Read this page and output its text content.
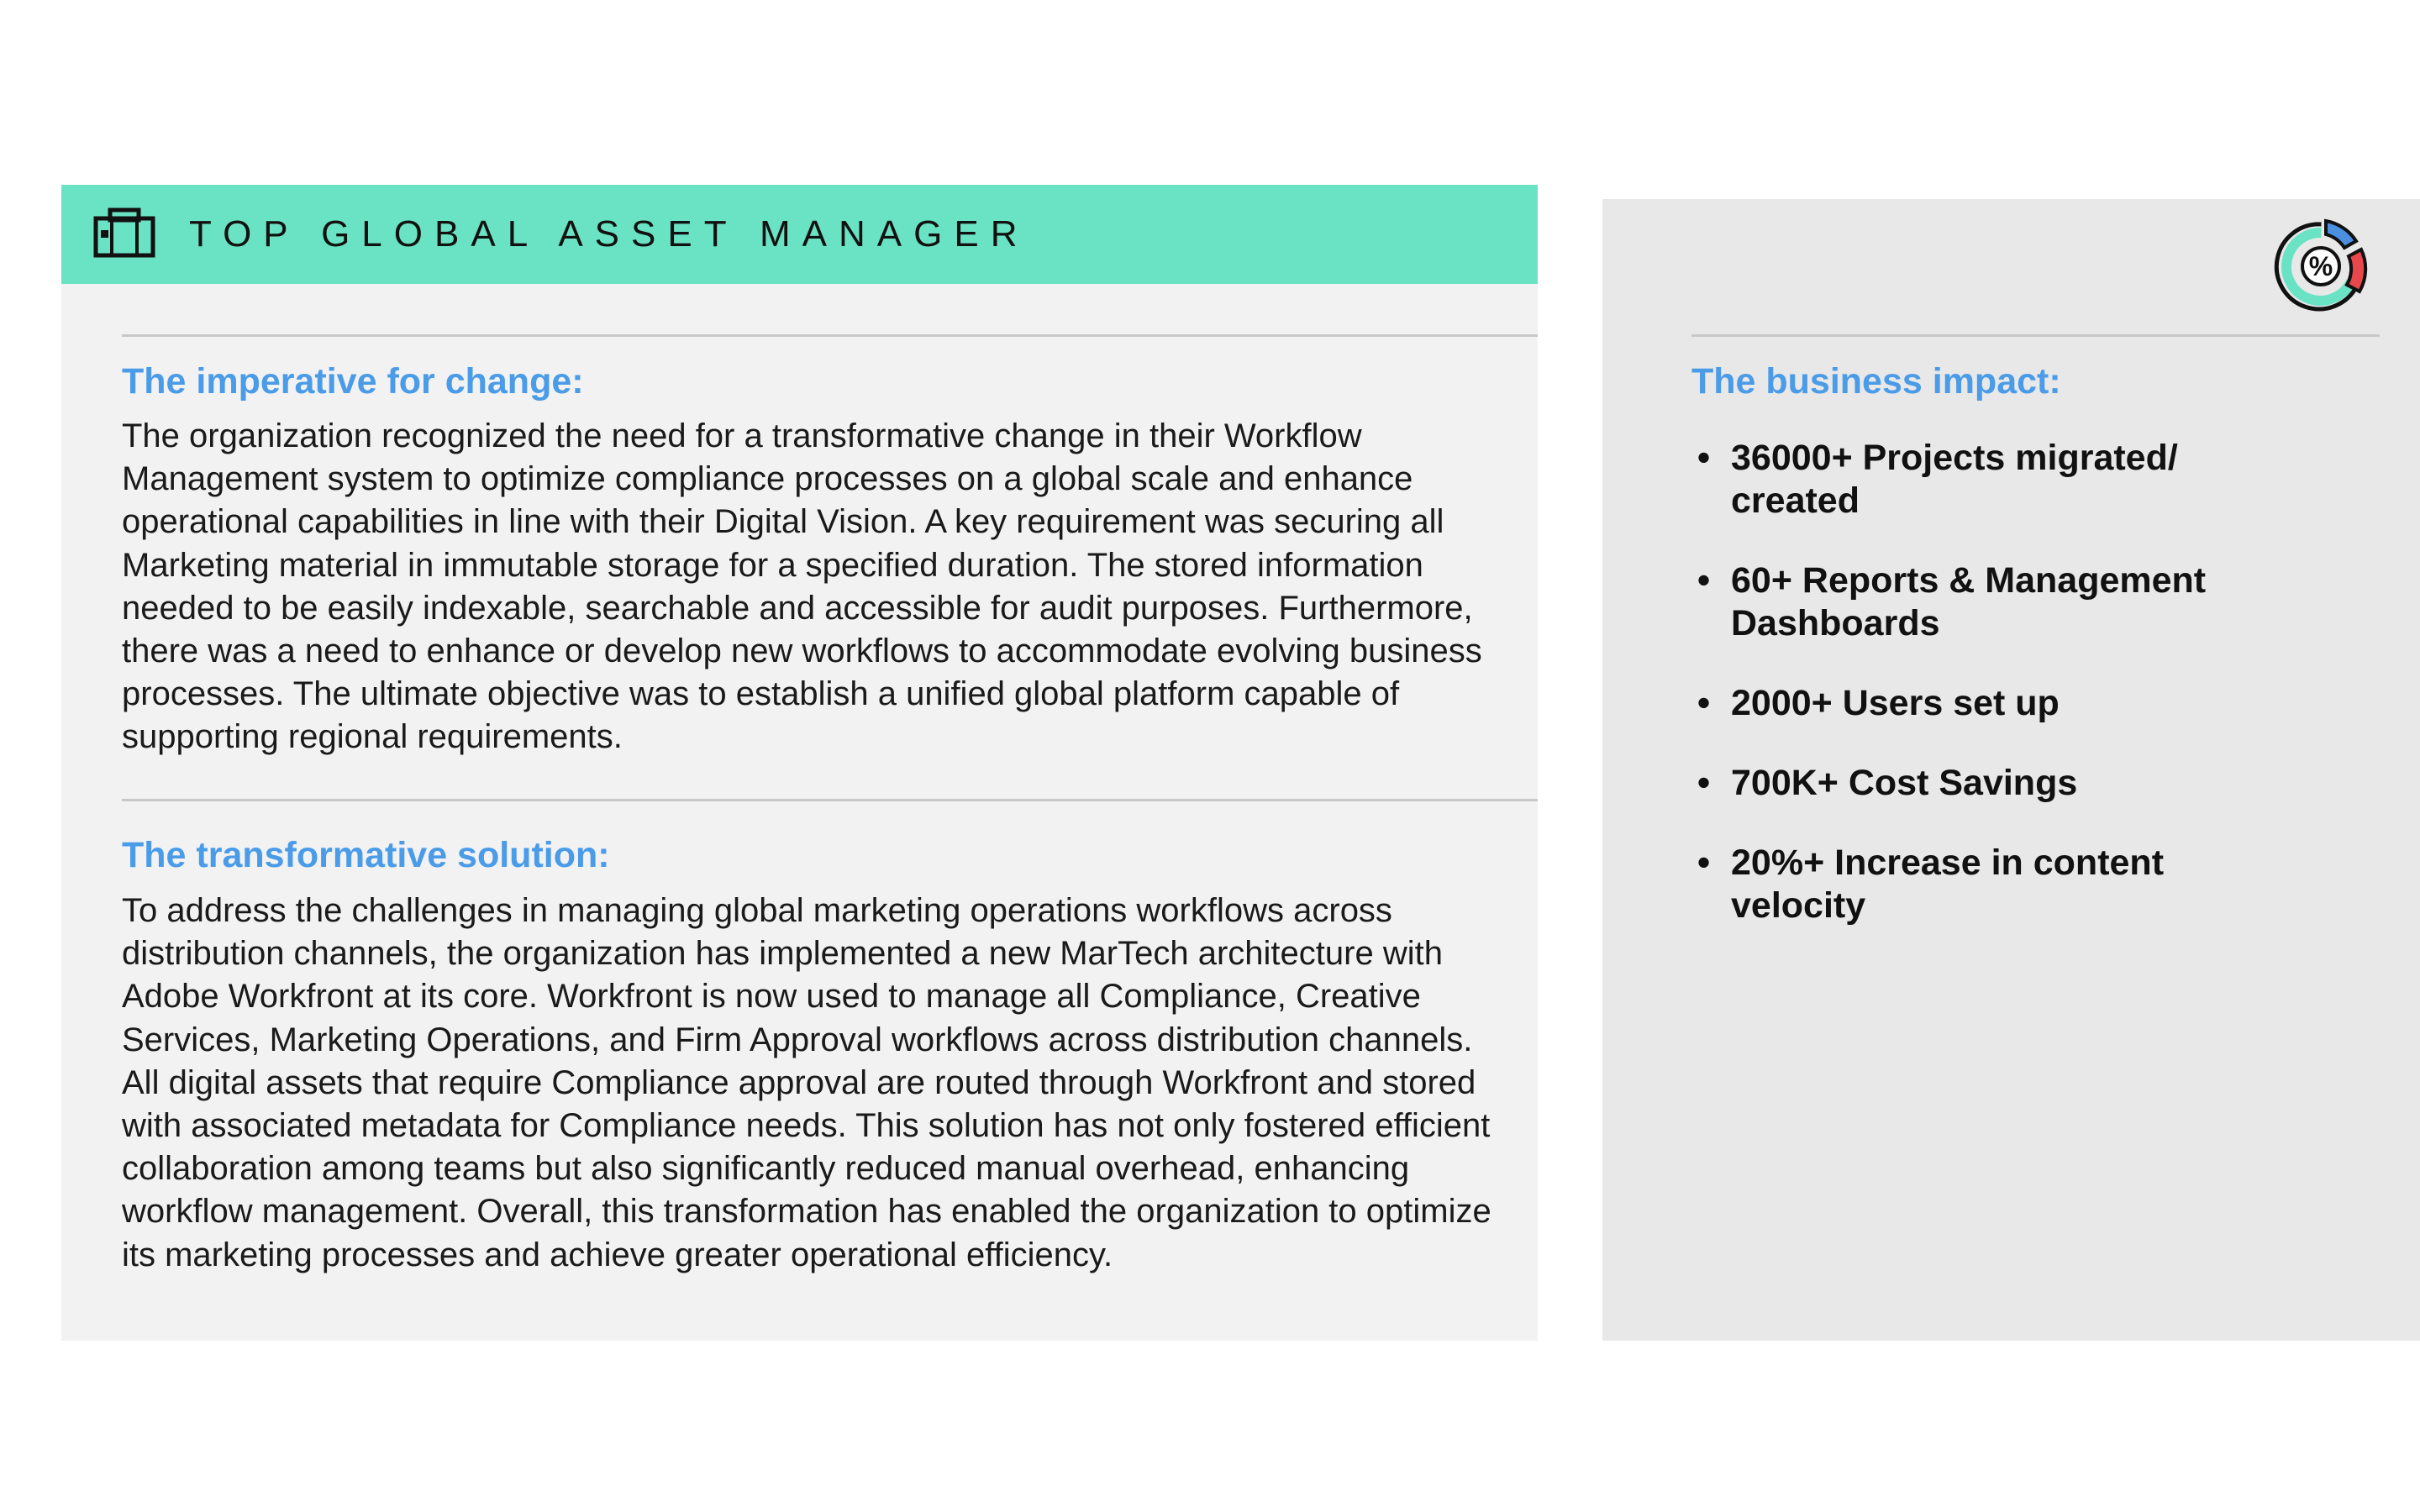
TOP GLOBAL ASSET MANAGER
The imperative for change:
The organization recognized the need for a transformative change in their Workflow
Management system to optimize compliance processes on a global scale and enhance
operational capabilities in line with their Digital Vision. A key requirement was securing all
Marketing material in immutable storage for a specified duration. The stored information
needed to be easily indexable, searchable and accessible for audit purposes. Furthermore,
there was a need to enhance or develop new workflows to accommodate evolving business
processes. The ultimate objective was to establish a unified global platform capable of
supporting regional requirements.
The transformative solution:
To address the challenges in managing global marketing operations workflows across
distribution channels, the organization has implemented a new MarTech architecture with
Adobe Workfront at its core. Workfront is now used to manage all Compliance, Creative
Services, Marketing Operations, and Firm Approval workflows across distribution channels.
All digital assets that require Compliance approval are routed through Workfront and stored
with associated metadata for Compliance needs. This solution has not only fostered efficient
collaboration among teams but also significantly reduced manual overhead, enhancing
workflow management. Overall, this transformation has enabled the organization to optimize
its marketing processes and achieve greater operational efficiency.
%
The business impact:
• 36000+ Projects migrated/
created
• 60+ Reports & Management
Dashboards
• 2000+ Users set up
• 700K+ Cost Savings
• 20%+ Increase in content
velocity
